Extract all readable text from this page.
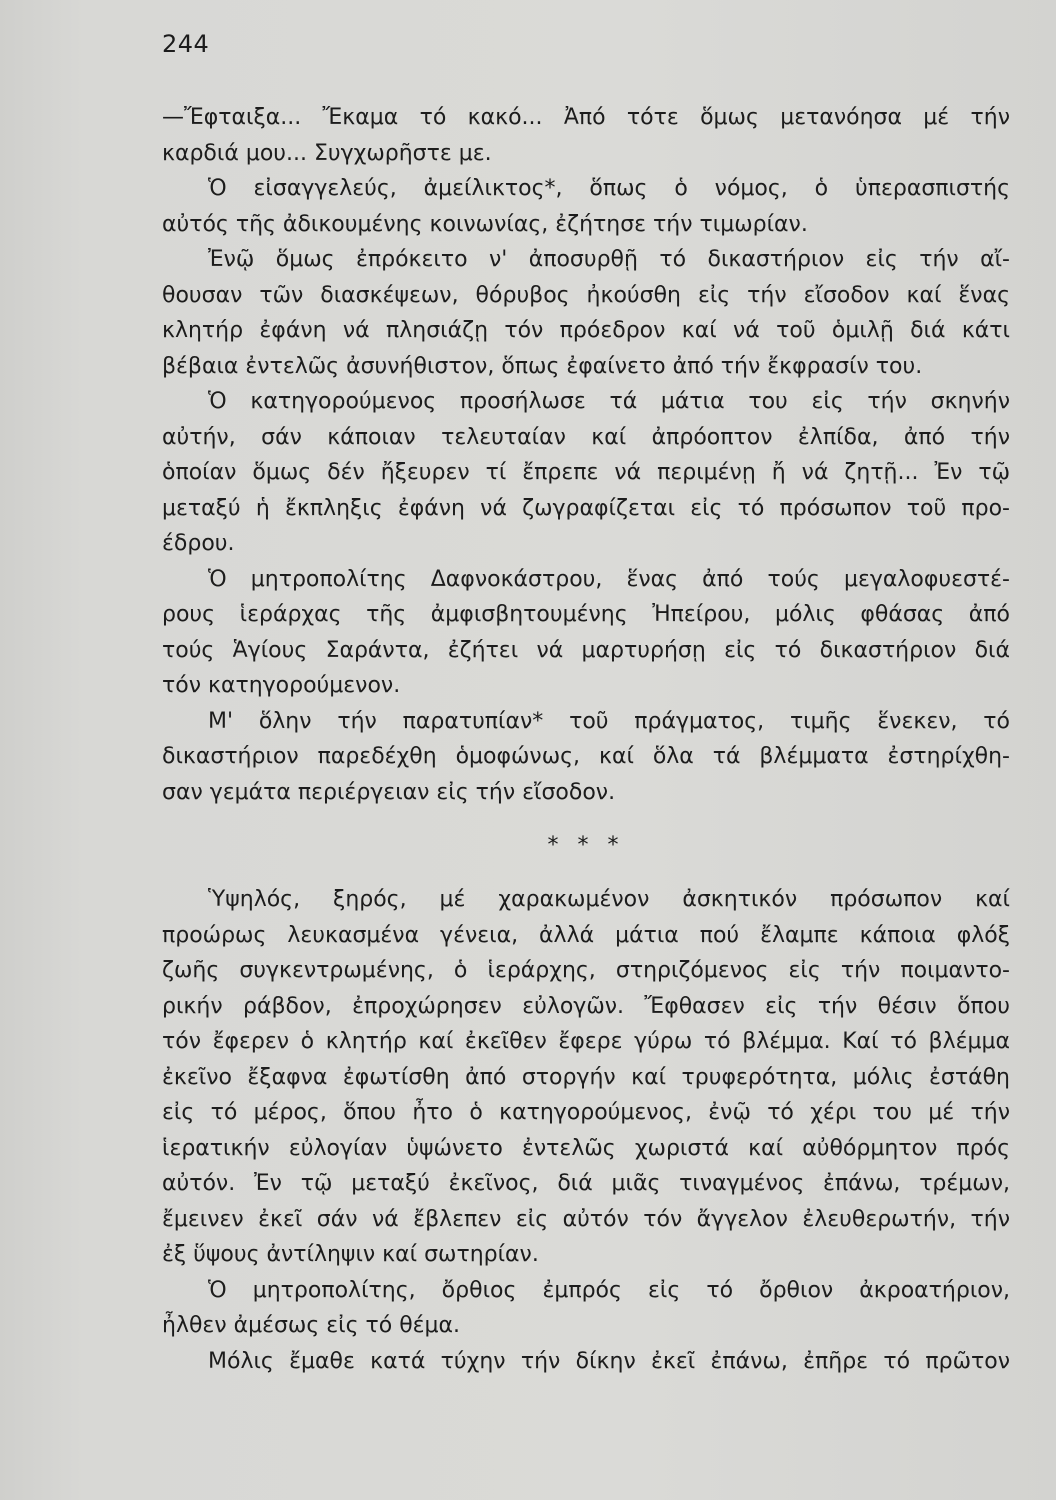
244
—Ἔφταιξα... Ἔκαμα τό κακό... Ἀπό τότε ὅμως μετανόησα μέ τήν
καρδιά μου... Συγχωρῆστε με.
Ὁ εἰσαγγελεύς, ἀμείλικτος*, ὅπως ὁ νόμος, ὁ ὑπερασπιστής
αὐτός τῆς ἀδικουμένης κοινωνίας, ἐζήτησε τήν τιμωρίαν.
Ἐνῷ ὅμως ἐπρόκειτο ν' ἀποσυρθῇ τό δικαστήριον εἰς τήν αἴ-
θουσαν τῶν διασκέψεων, θόρυβος ἠκούσθη εἰς τήν εἴσοδον καί ἕνας
κλητήρ ἐφάνη νά πλησιάζῃ τόν πρόεδρον καί νά τοῦ ὁμιλῇ διά κάτι
βέβαια ἐντελῶς ἀσυνήθιστον, ὅπως ἐφαίνετο ἀπό τήν ἔκφρασίν του.
Ὁ κατηγορούμενος προσήλωσε τά μάτια του εἰς τήν σκηνήν
αὐτήν, σάν κάποιαν τελευταίαν καί ἀπρόοπτον ἐλπίδα, ἀπό τήν
ὁποίαν ὅμως δέν ἤξευρεν τί ἔπρεπε νά περιμένῃ ἤ νά ζητῇ... Ἐν τῷ
μεταξύ ἡ ἔκπληξις ἐφάνη νά ζωγραφίζεται εἰς τό πρόσωπον τοῦ προ-
έδρου.
Ὁ μητροπολίτης Δαφνοκάστρου, ἕνας ἀπό τούς μεγαλοφυεστέ-
ρους ἱεράρχας τῆς ἀμφισβητουμένης Ἠπείρου, μόλις φθάσας ἀπό
τούς Ἁγίους Σαράντα, ἐζήτει νά μαρτυρήσῃ εἰς τό δικαστήριον διά
τόν κατηγορούμενον.
Μ' ὅλην τήν παρατυπίαν* τοῦ πράγματος, τιμῆς ἕνεκεν, τό
δικαστήριον παρεδέχθη ὁμοφώνως, καί ὅλα τά βλέμματα ἐστηρίχθη-
σαν γεμάτα περιέργειαν εἰς τήν εἴσοδον.
* * *
Ὑψηλός, ξηρός, μέ χαρακωμένον ἀσκητικόν πρόσωπον καί
προώρως λευκασμένα γένεια, ἀλλά μάτια πού ἔλαμπε κάποια φλόξ
ζωῆς συγκεντρωμένης, ὁ ἱεράρχης, στηριζόμενος εἰς τήν ποιμαντο-
ρικήν ράβδον, ἐπροχώρησεν εὐλογῶν. Ἔφθασεν εἰς τήν θέσιν ὅπου
τόν ἔφερεν ὁ κλητήρ καί ἐκεῖθεν ἔφερε γύρω τό βλέμμα. Καί τό βλέμμα
ἐκεῖνο ἔξαφνα ἐφωτίσθη ἀπό στοργήν καί τρυφερότητα, μόλις ἐστάθη
εἰς τό μέρος, ὅπου ἦτο ὁ κατηγορούμενος, ἐνῷ τό χέρι του μέ τήν
ἱερατικήν εὐλογίαν ὑψώνετο ἐντελῶς χωριστά καί αὐθόρμητον πρός
αὐτόν. Ἐν τῷ μεταξύ ἐκεῖνος, διά μιᾶς τιναγμένος ἐπάνω, τρέμων,
ἔμεινεν ἐκεῖ σάν νά ἔβλεπεν εἰς αὐτόν τόν ἄγγελον ἐλευθερωτήν, τήν
ἐξ ὕψους ἀντίληψιν καί σωτηρίαν.
Ὁ μητροπολίτης, ὄρθιος ἐμπρός εἰς τό ὄρθιον ἀκροατήριον,
ἦλθεν ἀμέσως εἰς τό θέμα.
Μόλις ἔμαθε κατά τύχην τήν δίκην ἐκεῖ ἐπάνω, ἐπῆρε τό πρῶτον
